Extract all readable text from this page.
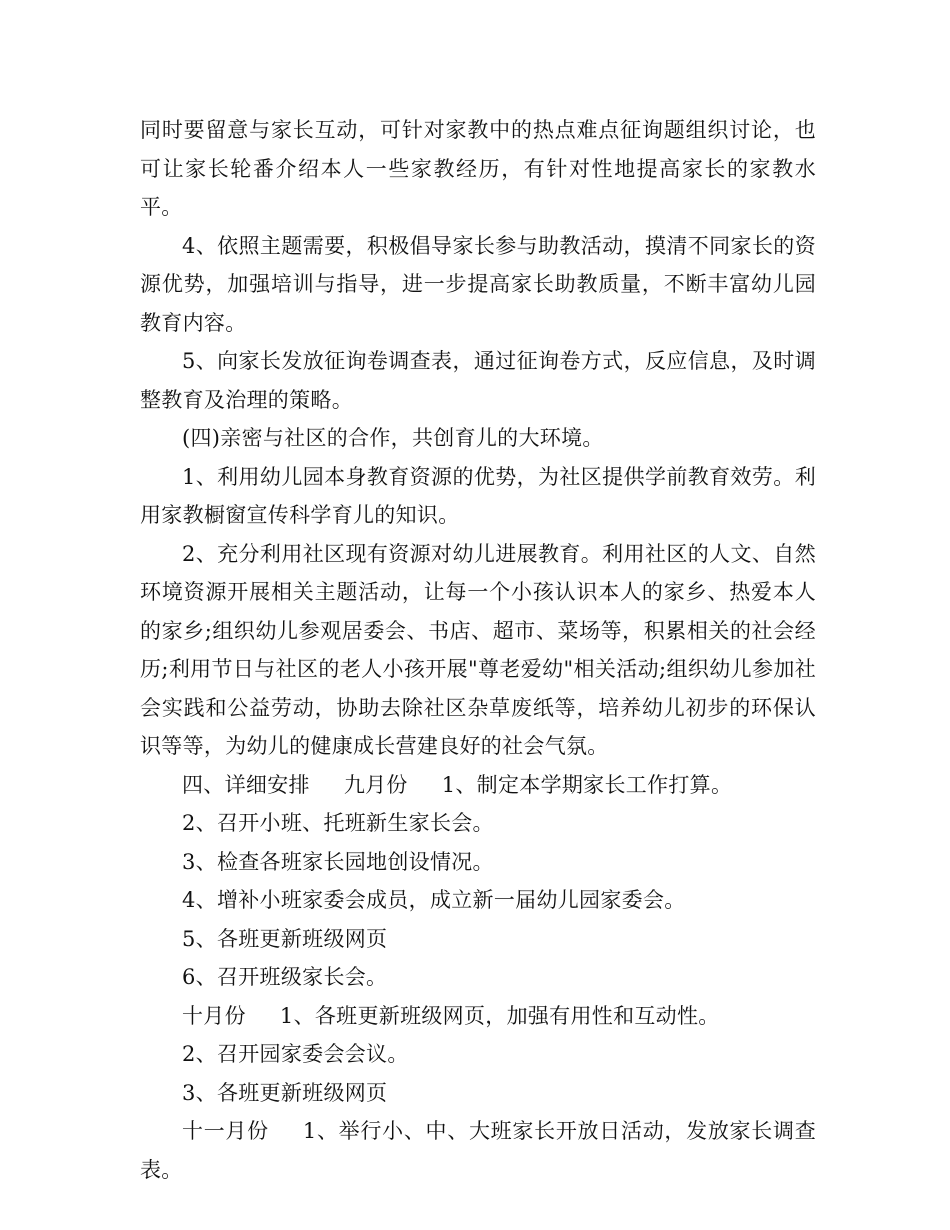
同时要留意与家长互动，可针对家教中的热点难点征询题组织讨论，也可让家长轮番介绍本人一些家教经历，有针对性地提高家长的家教水平。

4、依照主题需要，积极倡导家长参与助教活动，摸清不同家长的资源优势，加强培训与指导，进一步提高家长助教质量，不断丰富幼儿园教育内容。

5、向家长发放征询卷调查表，通过征询卷方式，反应信息，及时调整教育及治理的策略。

(四)亲密与社区的合作，共创育儿的大环境。

1、利用幼儿园本身教育资源的优势，为社区提供学前教育效劳。利用家教橱窗宣传科学育儿的知识。

2、充分利用社区现有资源对幼儿进展教育。利用社区的人文、自然环境资源开展相关主题活动，让每一个小孩认识本人的家乡、热爱本人的家乡;组织幼儿参观居委会、书店、超市、菜场等，积累相关的社会经历;利用节日与社区的老人小孩开展"尊老爱幼"相关活动;组织幼儿参加社会实践和公益劳动，协助去除社区杂草废纸等，培养幼儿初步的环保认识等等，为幼儿的健康成长营建良好的社会气氛。

四、详细安排 九月份 1、制定本学期家长工作打算。

2、召开小班、托班新生家长会。

3、检查各班家长园地创设情况。

4、增补小班家委会成员，成立新一届幼儿园家委会。

5、各班更新班级网页

6、召开班级家长会。

十月份 1、各班更新班级网页，加强有用性和互动性。

2、召开园家委会会议。

3、各班更新班级网页

十一月份 1、举行小、中、大班家长开放日活动，发放家长调查表。
